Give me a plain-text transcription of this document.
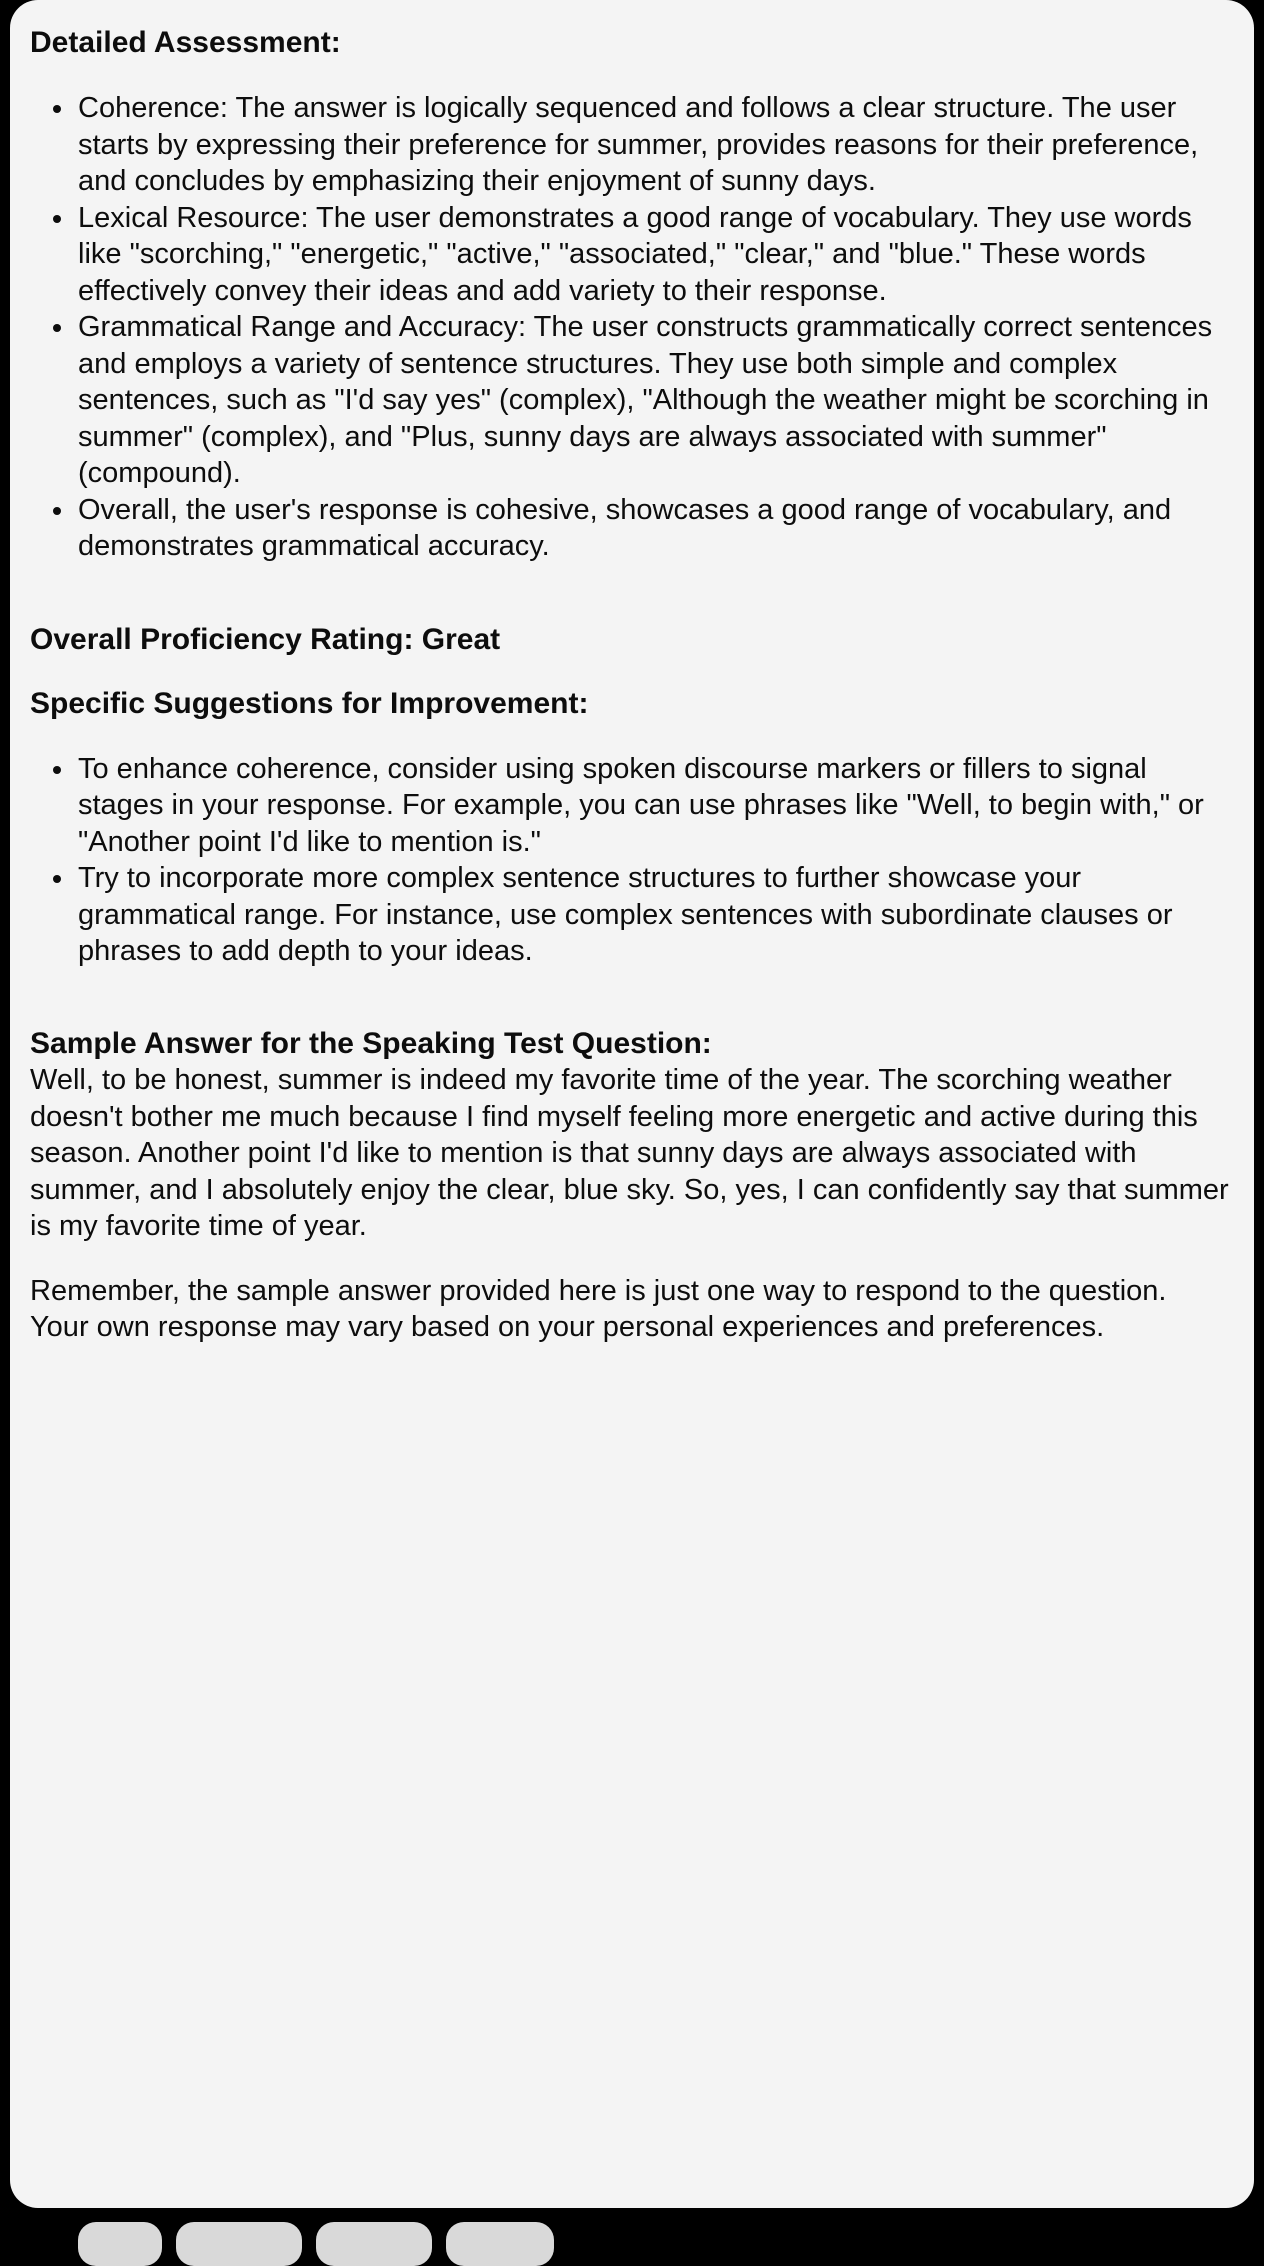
Detailed Assessment:

• Coherence: The answer is logically sequenced and follows a clear structure. The user starts by expressing their preference for summer, provides reasons for their preference, and concludes by emphasizing their enjoyment of sunny days.
• Lexical Resource: The user demonstrates a good range of vocabulary. They use words like "scorching," "energetic," "active," "associated," "clear," and "blue." These words effectively convey their ideas and add variety to their response.
• Grammatical Range and Accuracy: The user constructs grammatically correct sentences and employs a variety of sentence structures. They use both simple and complex sentences, such as "I'd say yes" (complex), "Although the weather might be scorching in summer" (complex), and "Plus, sunny days are always associated with summer" (compound).
• Overall, the user's response is cohesive, showcases a good range of vocabulary, and demonstrates grammatical accuracy.

Overall Proficiency Rating: Great

Specific Suggestions for Improvement:

• To enhance coherence, consider using spoken discourse markers or fillers to signal stages in your response. For example, you can use phrases like "Well, to begin with," or "Another point I'd like to mention is."
• Try to incorporate more complex sentence structures to further showcase your grammatical range. For instance, use complex sentences with subordinate clauses or phrases to add depth to your ideas.

Sample Answer for the Speaking Test Question:
Well, to be honest, summer is indeed my favorite time of the year. The scorching weather doesn't bother me much because I find myself feeling more energetic and active during this season. Another point I'd like to mention is that sunny days are always associated with summer, and I absolutely enjoy the clear, blue sky. So, yes, I can confidently say that summer is my favorite time of year.

Remember, the sample answer provided here is just one way to respond to the question. Your own response may vary based on your personal experiences and preferences.
